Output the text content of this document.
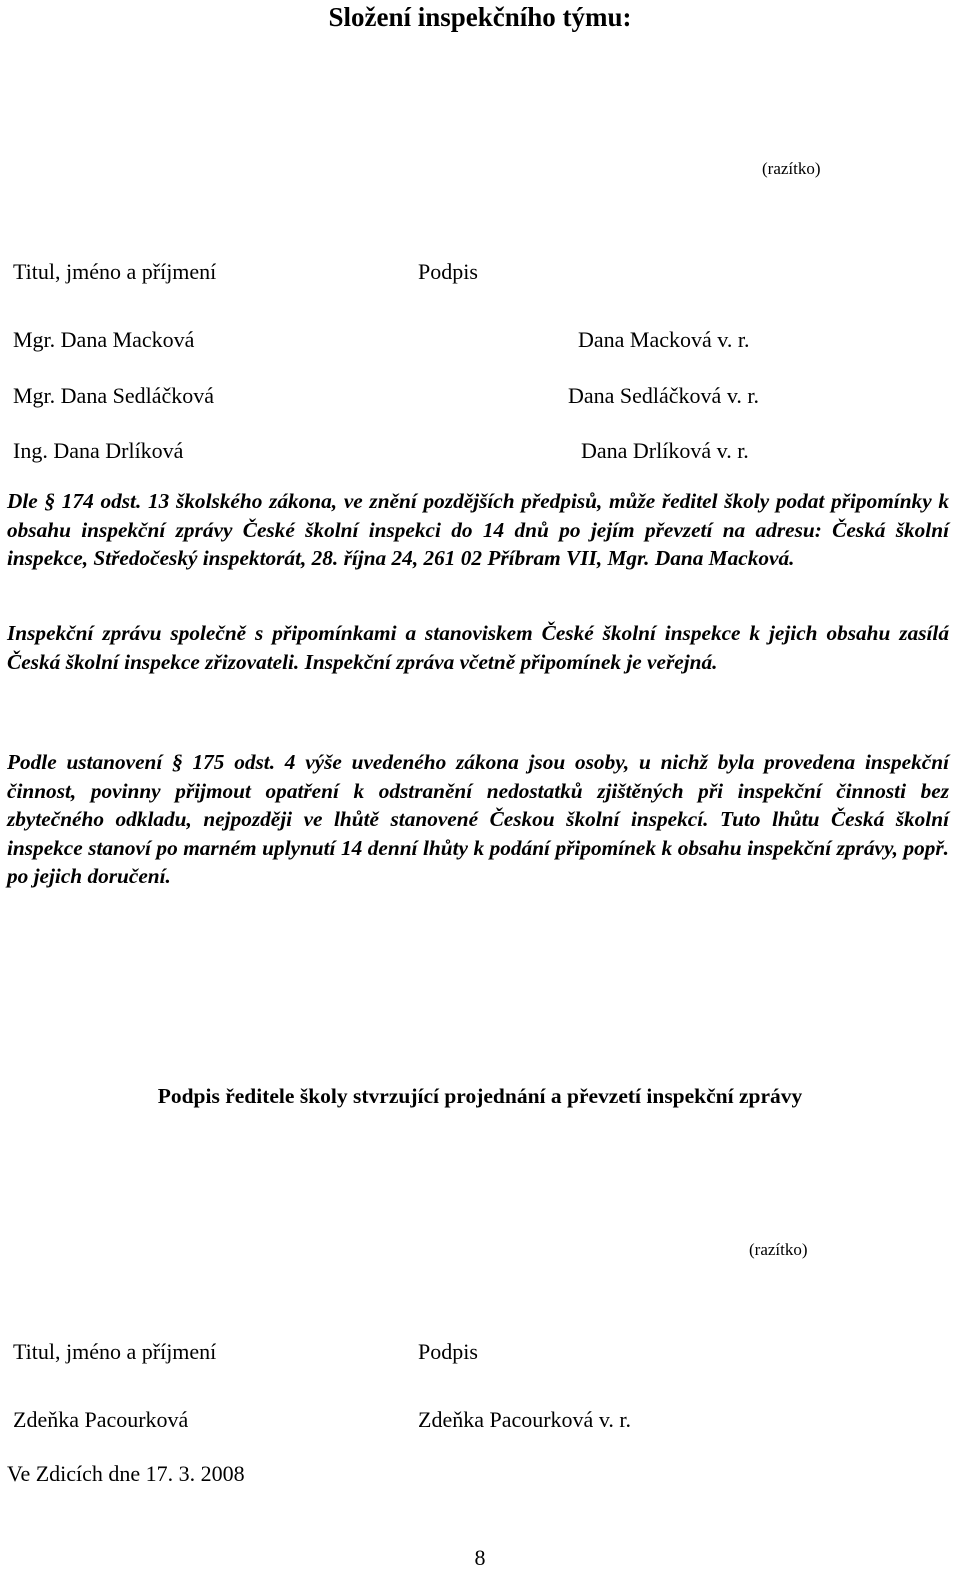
Složení inspekčního týmu:
(razítko)
Titul, jméno a příjmení	Podpis
Mgr. Dana Macková	Dana Macková v. r.
Mgr. Dana Sedláčková	Dana Sedláčková v. r.
Ing. Dana Drlíková	Dana Drlíková v. r.
Dle § 174 odst. 13 školského zákona, ve znění pozdějších předpisů, může ředitel školy podat připomínky k obsahu inspekční zprávy České školní inspekci do 14 dnů po jejím převzetí na adresu: Česká školní inspekce, Středočeský inspektorát, 28. října 24, 261 02 Příbram VII, Mgr. Dana Macková.
Inspekční zprávu společně s připomínkami a stanoviskem České školní inspekce k jejich obsahu zasílá Česká školní inspekce zřizovateli. Inspekční zpráva včetně připomínek je veřejná.
Podle ustanovení § 175 odst. 4 výše uvedeného zákona jsou osoby, u nichž byla provedena inspekční činnost, povinny přijmout opatření k odstranění nedostatků zjištěných při inspekční činnosti bez zbytečného odkladu, nejpozději ve lhůtě stanovené Českou školní inspekcí. Tuto lhůtu Česká školní inspekce stanoví po marném uplynutí 14 denní lhůty k podání připomínek k obsahu inspekční zprávy, popř. po jejich doručení.
Podpis ředitele školy stvrzující projednání a převzetí inspekční zprávy
(razítko)
Titul, jméno a příjmení	Podpis
Zdeňka Pacourková	Zdeňka Pacourková v. r.
Ve Zdicích dne 17. 3. 2008
8
